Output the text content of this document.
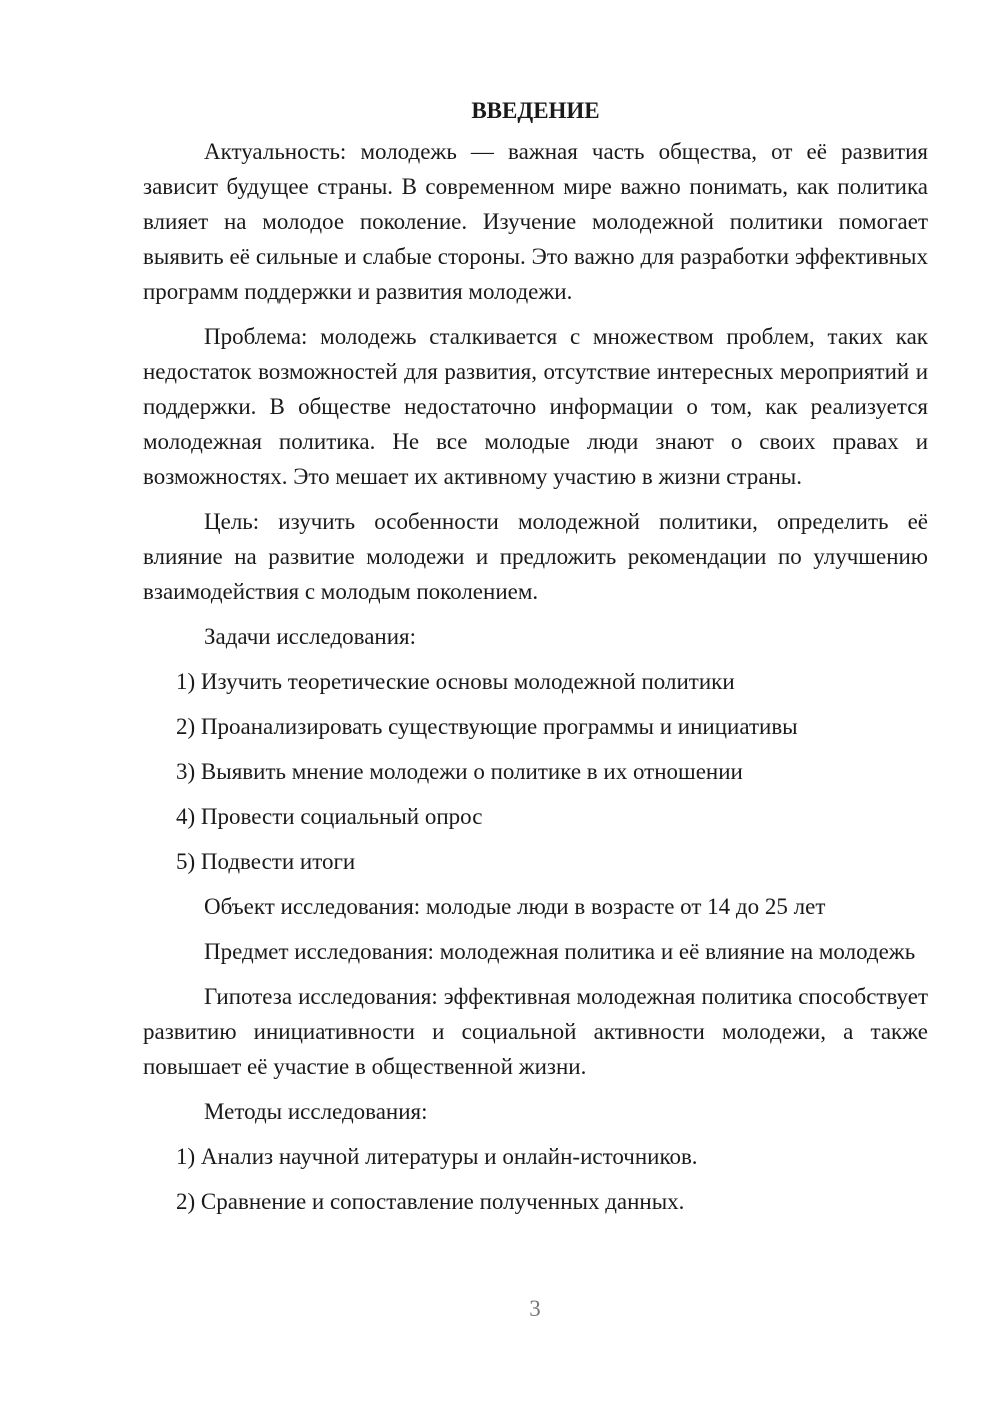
ВВЕДЕНИЕ

Актуальность: молодежь — важная часть общества, от её развития зависит будущее страны. В современном мире важно понимать, как политика влияет на молодое поколение. Изучение молодежной политики помогает выявить её сильные и слабые стороны. Это важно для разработки эффективных программ поддержки и развития молодежи.

Проблема: молодежь сталкивается с множеством проблем, таких как недостаток возможностей для развития, отсутствие интересных мероприятий и поддержки. В обществе недостаточно информации о том, как реализуется молодежная политика. Не все молодые люди знают о своих правах и возможностях. Это мешает их активному участию в жизни страны.

Цель: изучить особенности молодежной политики, определить её влияние на развитие молодежи и предложить рекомендации по улучшению взаимодействия с молодым поколением.

Задачи исследования:

1) Изучить теоретические основы молодежной политики
2) Проанализировать существующие программы и инициативы
3) Выявить мнение молодежи о политике в их отношении
4) Провести социальный опрос
5) Подвести итоги

Объект исследования: молодые люди в возрасте от 14 до 25 лет

Предмет исследования: молодежная политика и её влияние на молодежь

Гипотеза исследования: эффективная молодежная политика способствует развитию инициативности и социальной активности молодежи, а также повышает её участие в общественной жизни.

Методы исследования:

1) Анализ научной литературы и онлайн-источников.
2) Сравнение и сопоставление полученных данных.
3
